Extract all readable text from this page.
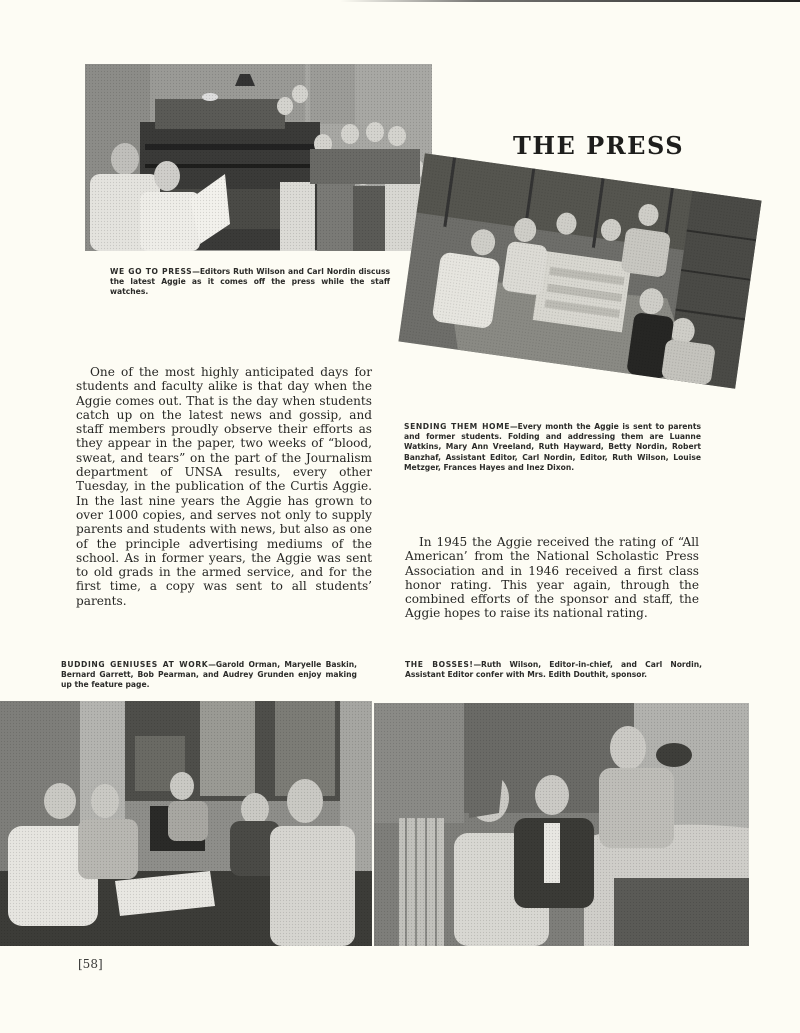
THE PRESS
WE GO TO PRESS—Editors Ruth Wilson and Carl Nordin discuss the latest Aggie as it comes off the press while the staff watches.
SENDING THEM HOME—Every month the Aggie is sent to parents and former students. Folding and addressing them are Luanne Watkins, Mary Ann Vreeland, Ruth Hayward, Betty Nordin, Robert Banzhaf, Assistant Editor, Carl Nordin, Editor, Ruth Wilson, Louise Metzger, Frances Hayes and Inez Dixon.

One of the most highly anticipated days for students and faculty alike is that day when the Aggie comes out. That is the day when students catch up on the latest news and gossip, and staff members proudly observe their efforts as they appear in the paper, two weeks of “blood, sweat, and tears” on the part of the Journalism department of UNSA results, every other Tuesday, in the publication of the Curtis Aggie. In the last nine years the Aggie has grown to over 1000 copies, and serves not only to supply parents and students with news, but also as one of the principle advertising mediums of the school. As in former years, the Aggie was sent to old grads in the armed service, and for the first time, a copy was sent to all students’ parents.

In 1945 the Aggie received the rating of “All American’ from the National Scholastic Press Association and in 1946 received a first class honor rating. This year again, through the combined efforts of the sponsor and staff, the Aggie hopes to raise its national rating.

BUDDING GENIUSES AT WORK—Garold Orman, Maryelle Baskin, Bernard Garrett, Bob Pearman, and Audrey Grunden enjoy making up the feature page.
THE BOSSES!—Ruth Wilson, Editor-in-chief, and Carl Nordin, Assistant Editor confer with Mrs. Edith Douthit, sponsor.
[58]
